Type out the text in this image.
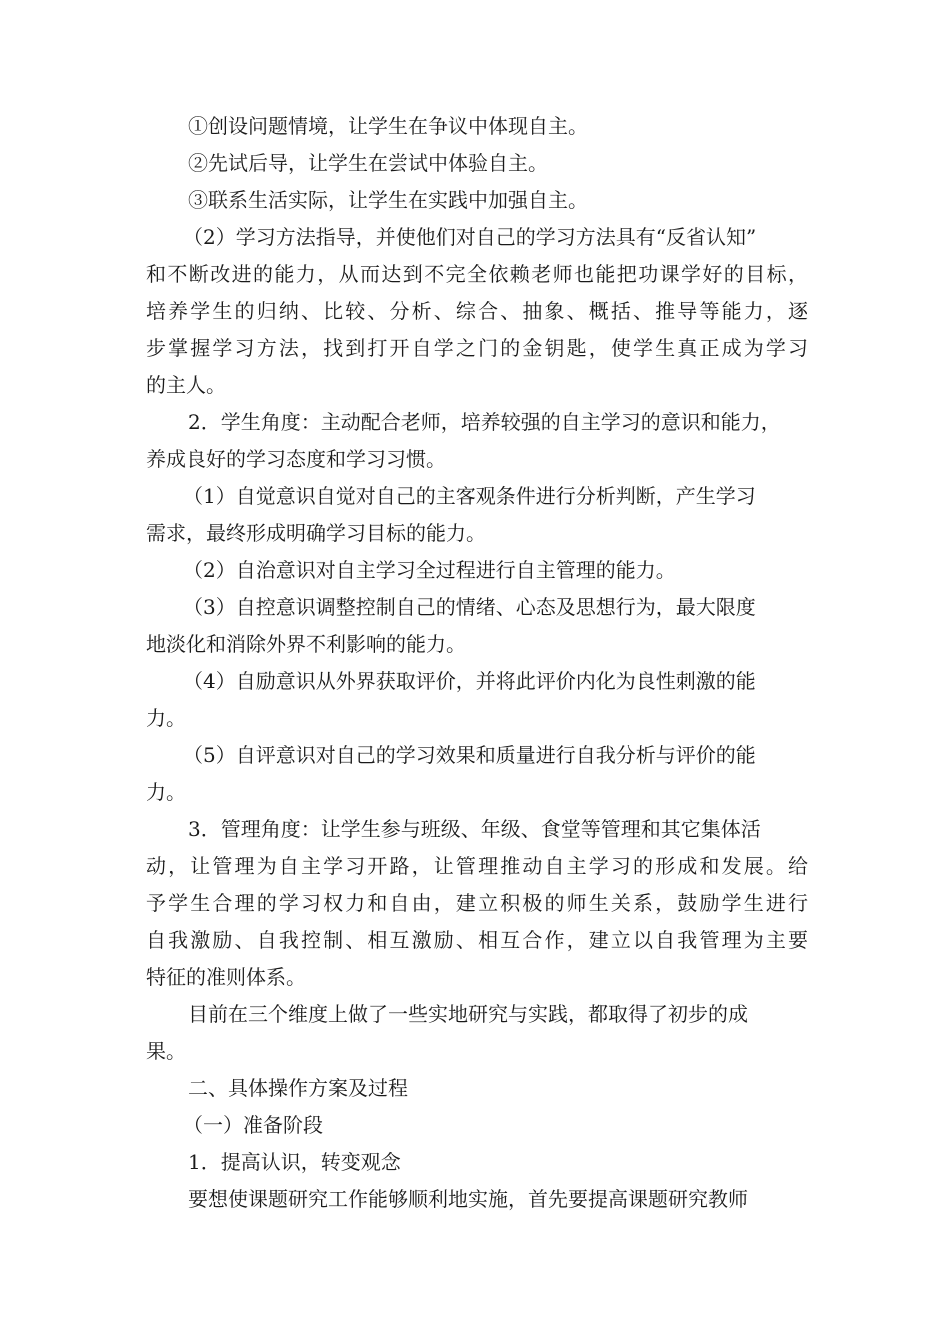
①创设问题情境，让学生在争议中体现自主。
②先试后导，让学生在尝试中体验自主。
③联系生活实际，让学生在实践中加强自主。
（2）学习方法指导，并使他们对自己的学习方法具有“反省认知”
和不断改进的能力，从而达到不完全依赖老师也能把功课学好的目标，
培养学生的归纳、比较、分析、综合、抽象、概括、推导等能力，逐
步掌握学习方法，找到打开自学之门的金钥匙，使学生真正成为学习
的主人。
2．学生角度：主动配合老师，培养较强的自主学习的意识和能力，
养成良好的学习态度和学习习惯。
（1）自觉意识自觉对自己的主客观条件进行分析判断，产生学习
需求，最终形成明确学习目标的能力。
（2）自治意识对自主学习全过程进行自主管理的能力。
（3）自控意识调整控制自己的情绪、心态及思想行为，最大限度
地淡化和消除外界不利影响的能力。
（4）自励意识从外界获取评价，并将此评价内化为良性刺激的能
力。
（5）自评意识对自己的学习效果和质量进行自我分析与评价的能
力。
3．管理角度：让学生参与班级、年级、食堂等管理和其它集体活
动，让管理为自主学习开路，让管理推动自主学习的形成和发展。给
予学生合理的学习权力和自由，建立积极的师生关系，鼓励学生进行
自我激励、自我控制、相互激励、相互合作，建立以自我管理为主要
特征的准则体系。
目前在三个维度上做了一些实地研究与实践，都取得了初步的成
果。
二、具体操作方案及过程
（一）准备阶段
1．提高认识，转变观念
要想使课题研究工作能够顺利地实施，首先要提高课题研究教师
